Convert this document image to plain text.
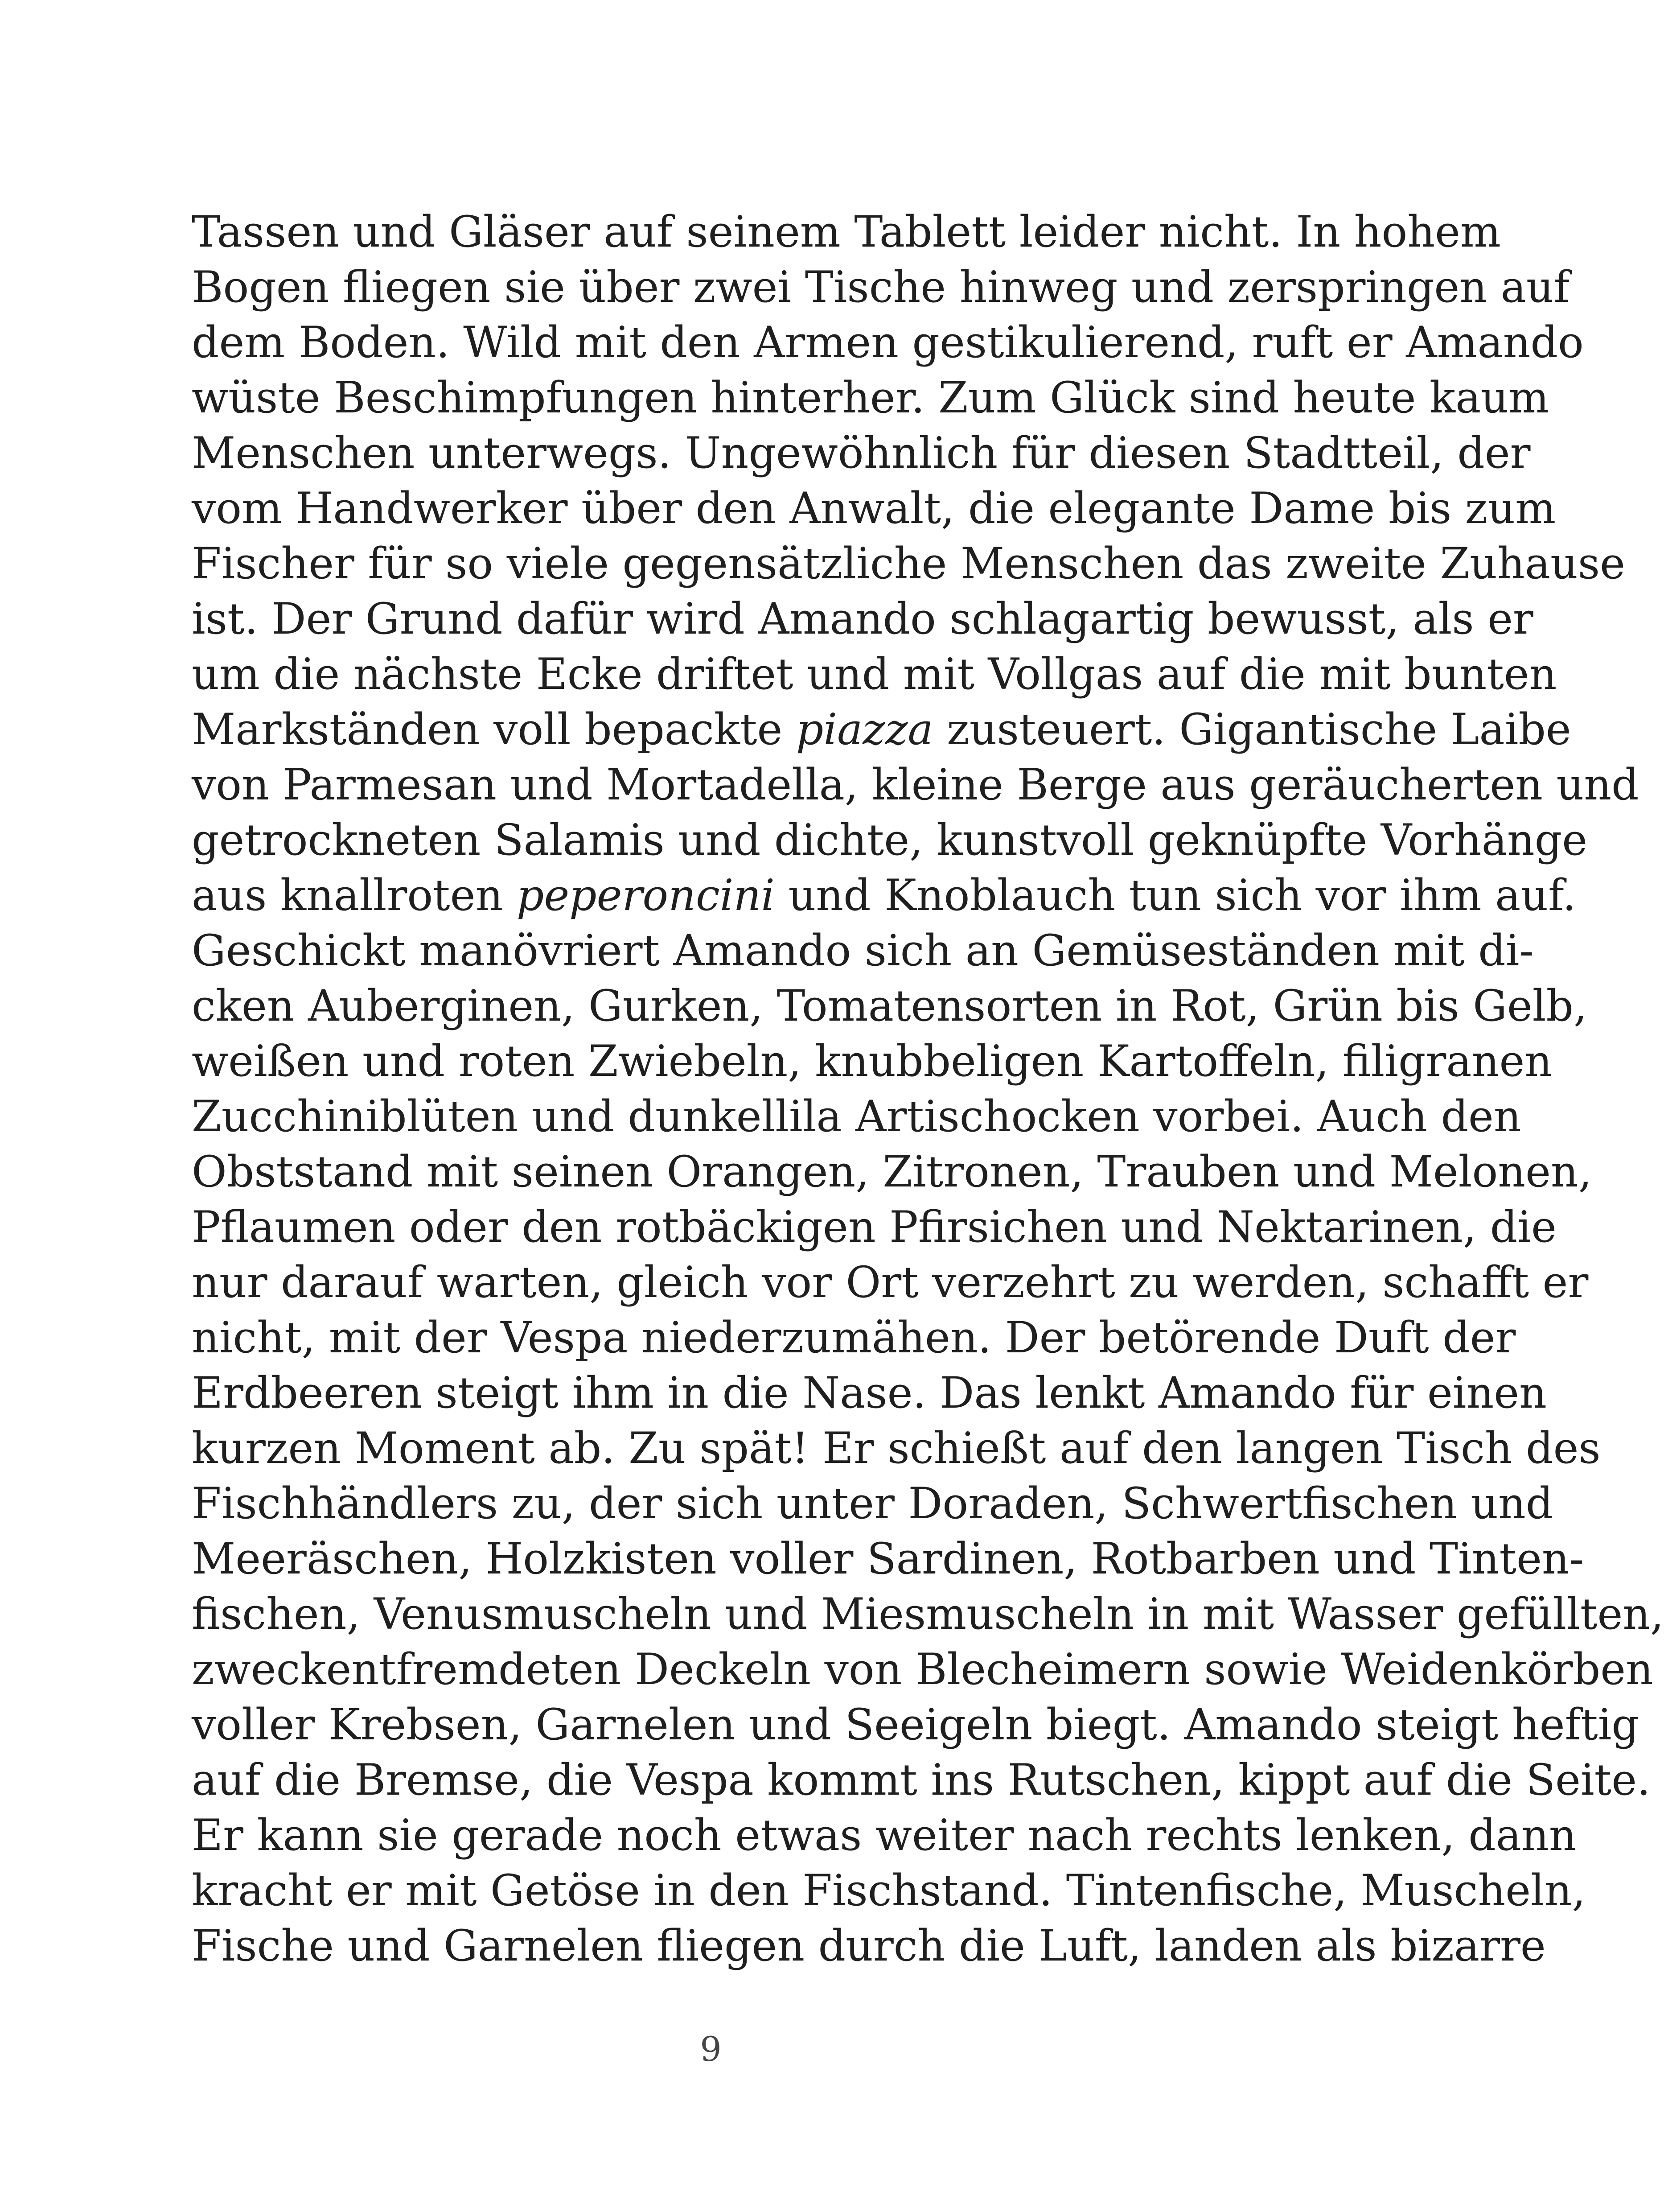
Tassen und Gläser auf seinem Tablett leider nicht. In hohem
Bogen fliegen sie über zwei Tische hinweg und zerspringen auf
dem Boden. Wild mit den Armen gestikulierend, ruft er Amando
wüste Beschimpfungen hinterher. Zum Glück sind heute kaum
Menschen unterwegs. Ungewöhnlich für diesen Stadtteil, der
vom Handwerker über den Anwalt, die elegante Dame bis zum
Fischer für so viele gegensätzliche Menschen das zweite Zuhause
ist. Der Grund dafür wird Amando schlagartig bewusst, als er
um die nächste Ecke driftet und mit Vollgas auf die mit bunten
Markständen voll bepackte piazza zusteuert. Gigantische Laibe
von Parmesan und Mortadella, kleine Berge aus geräucherten und
getrockneten Salamis und dichte, kunstvoll geknüpfte Vorhänge
aus knallroten peperoncini und Knoblauch tun sich vor ihm auf.
Geschickt manövriert Amando sich an Gemüseständen mit di-
cken Auberginen, Gurken, Tomatensorten in Rot, Grün bis Gelb,
weißen und roten Zwiebeln, knubbeligen Kartoffeln, filigranen
Zucchiniblüten und dunkellila Artischocken vorbei. Auch den
Obststand mit seinen Orangen, Zitronen, Trauben und Melonen,
Pflaumen oder den rotbäckigen Pfirsichen und Nektarinen, die
nur darauf warten, gleich vor Ort verzehrt zu werden, schafft er
nicht, mit der Vespa niederzumähen. Der betörende Duft der
Erdbeeren steigt ihm in die Nase. Das lenkt Amando für einen
kurzen Moment ab. Zu spät! Er schießt auf den langen Tisch des
Fischhändlers zu, der sich unter Doraden, Schwertfischen und
Meeräschen, Holzkisten voller Sardinen, Rotbarben und Tinten-
fischen, Venusmuscheln und Miesmuscheln in mit Wasser gefüllten,
zweckentfremdeten Deckeln von Blecheimern sowie Weidenkörben
voller Krebsen, Garnelen und Seeigeln biegt. Amando steigt heftig
auf die Bremse, die Vespa kommt ins Rutschen, kippt auf die Seite.
Er kann sie gerade noch etwas weiter nach rechts lenken, dann
kracht er mit Getöse in den Fischstand. Tintenfische, Muscheln,
Fische und Garnelen fliegen durch die Luft, landen als bizarre
9
